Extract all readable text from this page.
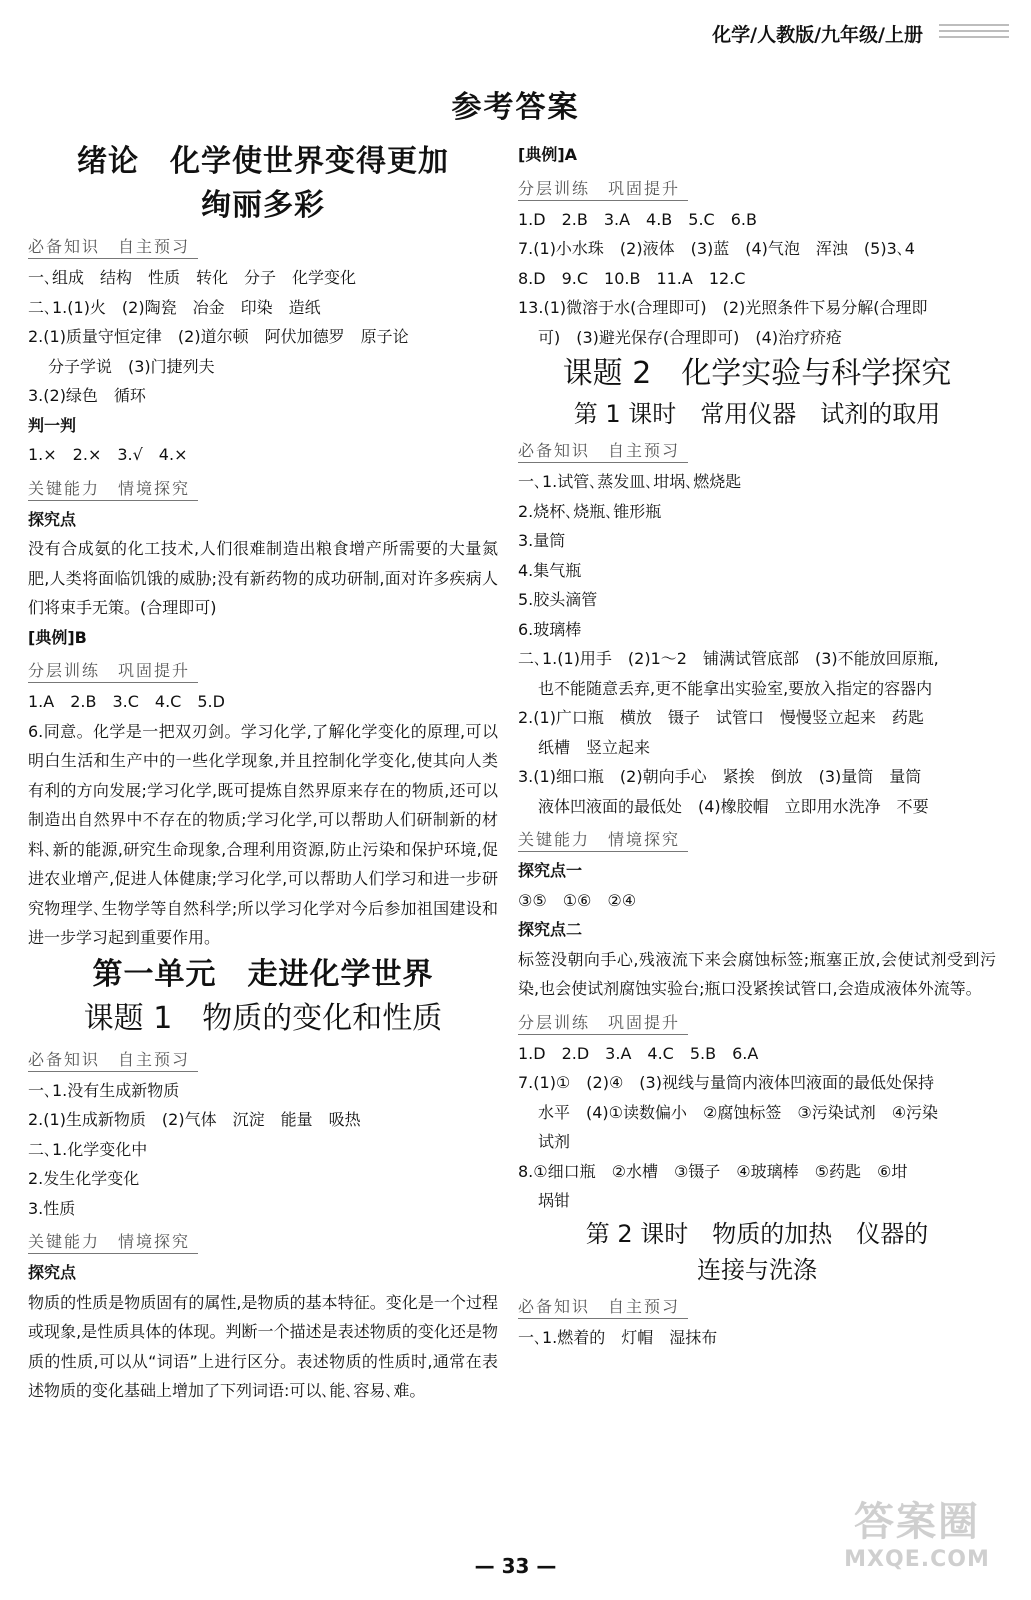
化学/人教版/九年级/上册
参考答案
绪论　化学使世界变得更加
绚丽多彩
必备知识　自主预习
一､组成　结构　性质　转化　分子　化学变化
二､1.(1)火　(2)陶瓷　冶金　印染　造纸
2.(1)质量守恒定律　(2)道尔顿　阿伏加德罗　原子论
分子学说　(3)门捷列夫
3.(2)绿色　循环
判一判
1.×　2.×　3.√　4.×
关键能力　情境探究
探究点
没有合成氨的化工技术,人们很难制造出粮食增产所需要的大量氮肥,人类将面临饥饿的威胁;没有新药物的成功研制,面对许多疾病人们将束手无策。(合理即可)
[典例]B
分层训练　巩固提升
1.A　2.B　3.C　4.C　5.D
6.同意。化学是一把双刃剑。学习化学,了解化学变化的原理,可以明白生活和生产中的一些化学现象,并且控制化学变化,使其向人类有利的方向发展;学习化学,既可提炼自然界原来存在的物质,还可以制造出自然界中不存在的物质;学习化学,可以帮助人们研制新的材料､新的能源,研究生命现象,合理利用资源,防止污染和保护环境,促进农业增产,促进人体健康;学习化学,可以帮助人们学习和进一步研究物理学､生物学等自然科学;所以学习化学对今后参加祖国建设和进一步学习起到重要作用。
第一单元　走进化学世界
课题 1　物质的变化和性质
必备知识　自主预习
一､1.没有生成新物质
2.(1)生成新物质　(2)气体　沉淀　能量　吸热
二､1.化学变化中
2.发生化学变化
3.性质
关键能力　情境探究
探究点
物质的性质是物质固有的属性,是物质的基本特征。变化是一个过程或现象,是性质具体的体现。判断一个描述是表述物质的变化还是物质的性质,可以从“词语”上进行区分。表述物质的性质时,通常在表述物质的变化基础上增加了下列词语:可以､能､容易､难。
[典例]A
分层训练　巩固提升
1.D　2.B　3.A　4.B　5.C　6.B
7.(1)小水珠　(2)液体　(3)蓝　(4)气泡　浑浊　(5)3､4
8.D　9.C　10.B　11.A　12.C
13.(1)微溶于水(合理即可)　(2)光照条件下易分解(合理即
可)　(3)避光保存(合理即可)　(4)治疗疥疮
课题 2　化学实验与科学探究
第 1 课时　常用仪器　试剂的取用
必备知识　自主预习
一､1.试管､蒸发皿､坩埚､燃烧匙
2.烧杯､烧瓶､锥形瓶
3.量筒
4.集气瓶
5.胶头滴管
6.玻璃棒
二､1.(1)用手　(2)1～2　铺满试管底部　(3)不能放回原瓶,
也不能随意丢弃,更不能拿出实验室,要放入指定的容器内
2.(1)广口瓶　横放　镊子　试管口　慢慢竖立起来　药匙
纸槽　竖立起来
3.(1)细口瓶　(2)朝向手心　紧挨　倒放　(3)量筒　量筒
液体凹液面的最低处　(4)橡胶帽　立即用水洗净　不要
关键能力　情境探究
探究点一
③⑤　①⑥　②④
探究点二
标签没朝向手心,残液流下来会腐蚀标签;瓶塞正放,会使试剂受到污染,也会使试剂腐蚀实验台;瓶口没紧挨试管口,会造成液体外流等。
分层训练　巩固提升
1.D　2.D　3.A　4.C　5.B　6.A
7.(1)①　(2)④　(3)视线与量筒内液体凹液面的最低处保持
水平　(4)①读数偏小　②腐蚀标签　③污染试剂　④污染
试剂
8.①细口瓶　②水槽　③镊子　④玻璃棒　⑤药匙　⑥坩
埚钳
第 2 课时　物质的加热　仪器的
连接与洗涤
必备知识　自主预习
一､1.燃着的　灯帽　湿抹布
— 33 —
答案圈
MXQE.COM
